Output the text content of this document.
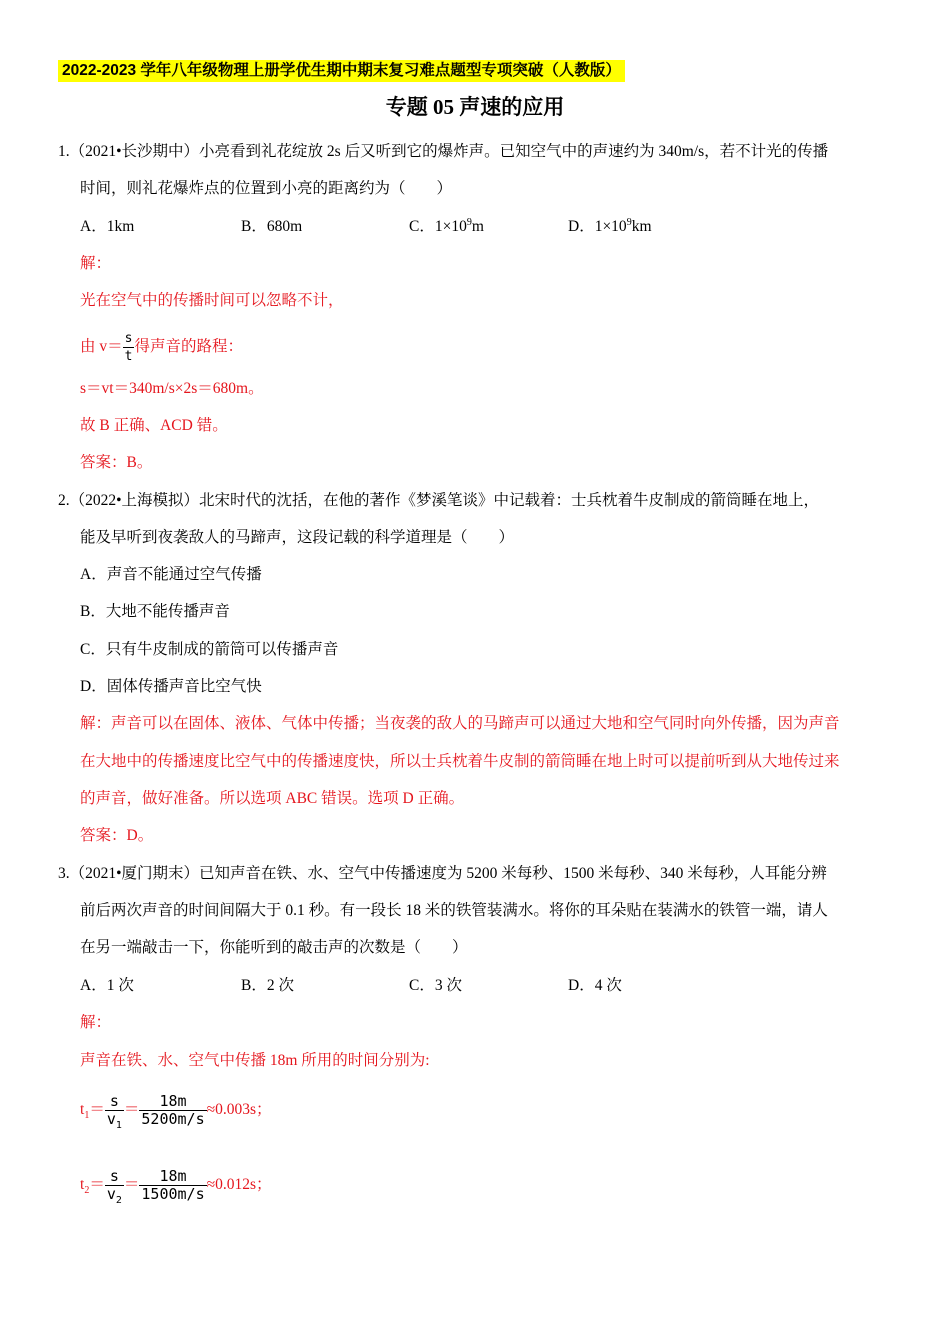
2022-2023 学年八年级物理上册学优生期中期末复习难点题型专项突破（人教版）
专题 05 声速的应用
1.（2021•长沙期中）小亮看到礼花绽放 2s 后又听到它的爆炸声。已知空气中的声速约为 340m/s，若不计光的传播
时间，则礼花爆炸点的位置到小亮的距离约为（　　）
A．1km	B．680m	C．$1\times 10^9m$	D．$1\times 10^9km$
解：
光在空气中的传播时间可以忽略不计，
由 $v= \frac{s}{t}$ 得声音的路程：
s＝vt＝340m/s×2s＝680m。
故 B 正确、ACD 错。
答案：B。
2.（2022•上海模拟）北宋时代的沈括，在他的著作《梦溪笔谈》中记载着：士兵枕着牛皮制成的箭筒睡在地上，
能及早听到夜袭敌人的马蹄声，这段记载的科学道理是（　　）
A．声音不能通过空气传播
B．大地不能传播声音
C．只有牛皮制成的箭筒可以传播声音
D．固体传播声音比空气快
解：声音可以在固体、液体、气体中传播；当夜袭的敌人的马蹄声可以通过大地和空气同时向外传播，因为声音
在大地中的传播速度比空气中的传播速度快，所以士兵枕着牛皮制的箭筒睡在地上时可以提前听到从大地传过来
的声音，做好准备。所以选项 ABC 错误。选项 D 正确。
答案：D。
3.（2021•厦门期末）已知声音在铁、水、空气中传播速度为 5200 米每秒、1500 米每秒、340 米每秒，人耳能分辨
前后两次声音的时间间隔大于 0.1 秒。有一段长 18 米的铁管装满水。将你的耳朵贴在装满水的铁管一端，请人
在另一端敲击一下，你能听到的敲击声的次数是（　　）
A．1 次	B．2 次	C．3 次	D．4 次
解：
声音在铁、水、空气中传播 18m 所用的时间分别为:
$t_1= \frac{s}{v_1} = \frac{18m}{5200m/s} \approx 0.003s$；
$t_2= \frac{s}{v_2} = \frac{18m}{1500m/s} \approx 0.012s$；
